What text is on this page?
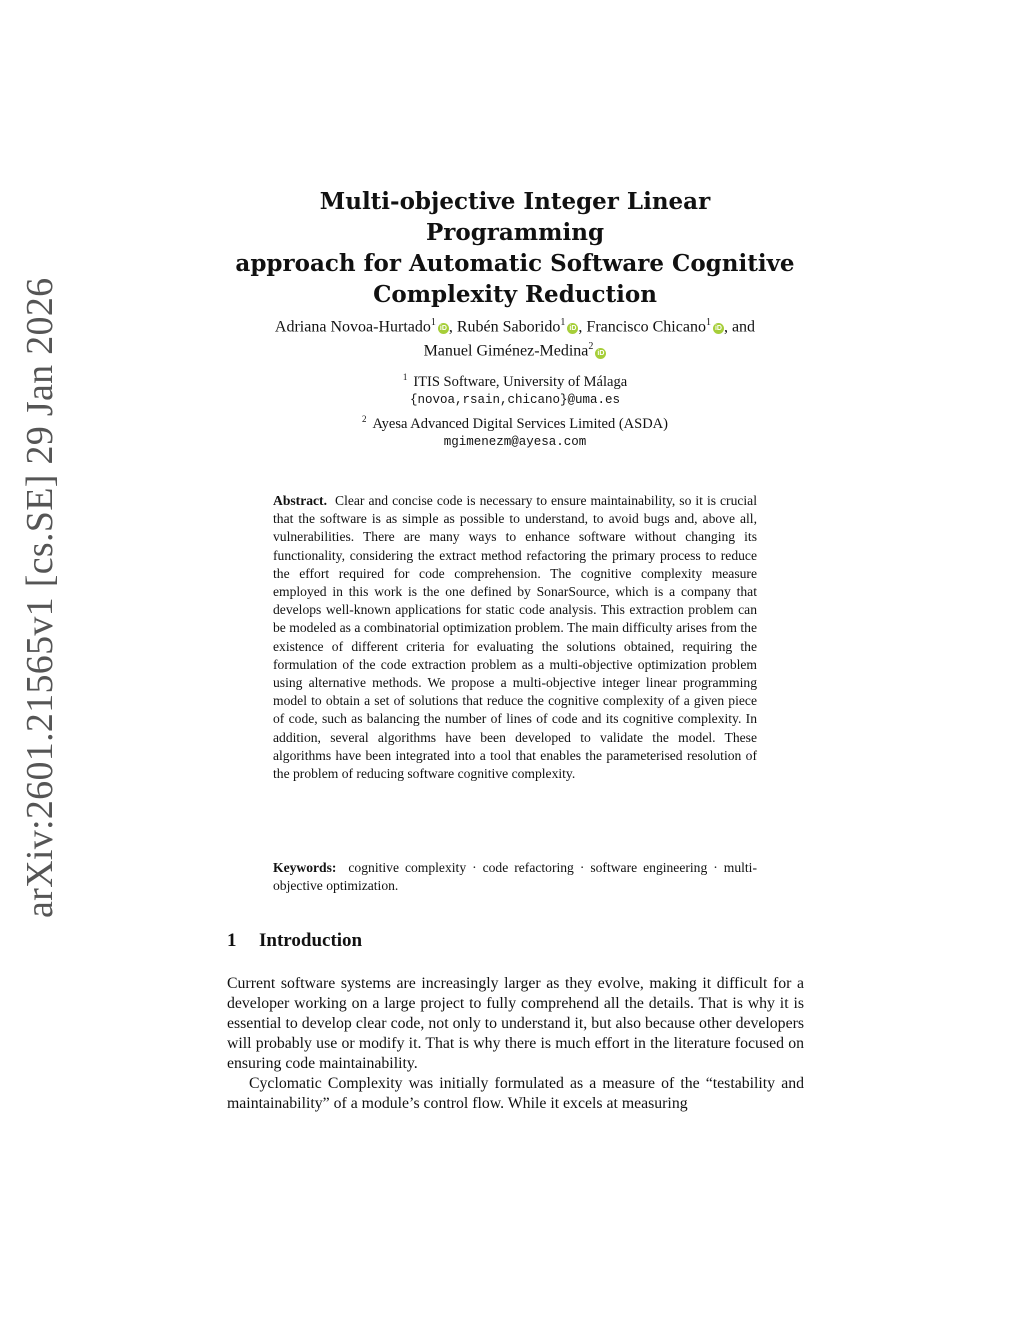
arXiv:2601.21565v1 [cs.SE] 29 Jan 2026
Multi-objective Integer Linear Programming
approach for Automatic Software Cognitive
Complexity Reduction
Adriana Novoa-Hurtado$^1$iD , Rubén Saborido$^1$iD , Francisco Chicano$^1$iD , and
Manuel Giménez-Medina$^2$iD
$^1$ ITIS Software, University of Málaga
{novoa,rsain,chicano}@uma.es
$^2$ Ayesa Advanced Digital Services Limited (ASDA)
mgimenezm@ayesa.com
Abstract. Clear and concise code is necessary to ensure maintainability, so it is crucial that the software is as simple as possible to understand, to avoid bugs and, above all, vulnerabilities. There are many ways to enhance software without changing its functionality, considering the extract method refactoring the primary process to reduce the effort required for code comprehension. The cognitive complexity measure employed in this work is the one defined by SonarSource, which is a company that develops well-known applications for static code analysis. This extraction problem can be modeled as a combinatorial optimization problem. The main difficulty arises from the existence of different criteria for evaluating the solutions obtained, requiring the formulation of the code extraction problem as a multi-objective optimization problem using alternative methods. We propose a multi-objective integer linear programming model to obtain a set of solutions that reduce the cognitive complexity of a given piece of code, such as balancing the number of lines of code and its cognitive complexity. In addition, several algorithms have been developed to validate the model. These algorithms have been integrated into a tool that enables the parameterised resolution of the problem of reducing software cognitive complexity.
Keywords: cognitive complexity · code refactoring · software engineering · multi-objective optimization.
1 Introduction

Current software systems are increasingly larger as they evolve, making it difficult for a developer working on a large project to fully comprehend all the details. That is why it is essential to develop clear code, not only to understand it, but also because other developers will probably use or modify it. That is why there is much effort in the literature focused on ensuring code maintainability.

Cyclomatic Complexity was initially formulated as a measure of the “testability and maintainability” of a module’s control flow. While it excels at measuring
